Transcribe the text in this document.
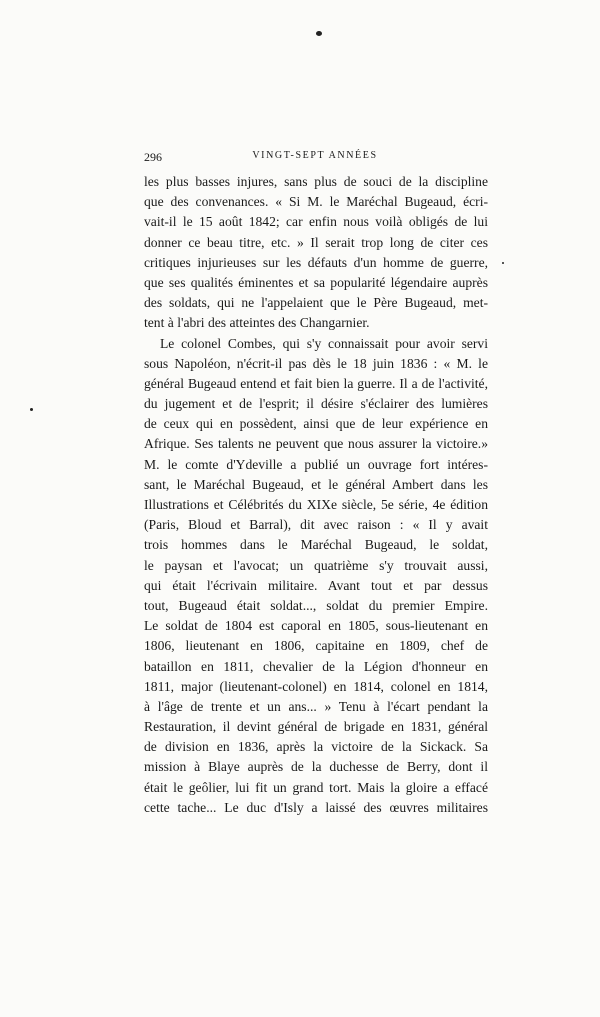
296	VINGT-SEPT ANNÉES
les plus basses injures, sans plus de souci de la discipline
que des convenances. « Si M. le Maréchal Bugeaud, écri-
vait-il le 15 août 1842; car enfin nous voilà obligés de lui
donner ce beau titre, etc. » Il serait trop long de citer ces
critiques injurieuses sur les défauts d'un homme de guerre,
que ses qualités éminentes et sa popularité légendaire auprès
des soldats, qui ne l'appelaient que le Père Bugeaud, met-
tent à l'abri des atteintes des Changarnier.
Le colonel Combes, qui s'y connaissait pour avoir servi
sous Napoléon, n'écrit-il pas dès le 18 juin 1836 : « M. le
général Bugeaud entend et fait bien la guerre. Il a de l'activité,
du jugement et de l'esprit; il désire s'éclairer des lumières
de ceux qui en possèdent, ainsi que de leur expérience en
Afrique. Ses talents ne peuvent que nous assurer la victoire.»
M. le comte d'Ydeville a publié un ouvrage fort intéres-
sant, le Maréchal Bugeaud, et le général Ambert dans les
Illustrations et Célébrités du XIXe siècle, 5e série, 4e édition
(Paris, Bloud et Barral), dit avec raison : « Il y avait
trois hommes dans le Maréchal Bugeaud, le soldat,
le paysan et l'avocat; un quatrième s'y trouvait aussi,
qui était l'écrivain militaire. Avant tout et par dessus
tout, Bugeaud était soldat..., soldat du premier Empire.
Le soldat de 1804 est caporal en 1805, sous-lieutenant en
1806, lieutenant en 1806, capitaine en 1809, chef de
bataillon en 1811, chevalier de la Légion d'honneur en
1811, major (lieutenant-colonel) en 1814, colonel en 1814,
à l'âge de trente et un ans... » Tenu à l'écart pendant la
Restauration, il devint général de brigade en 1831, général
de division en 1836, après la victoire de la Sickack. Sa
mission à Blaye auprès de la duchesse de Berry, dont il
était le geôlier, lui fit un grand tort. Mais la gloire a effacé
cette tache... Le duc d'Isly a laissé des œuvres militaires
